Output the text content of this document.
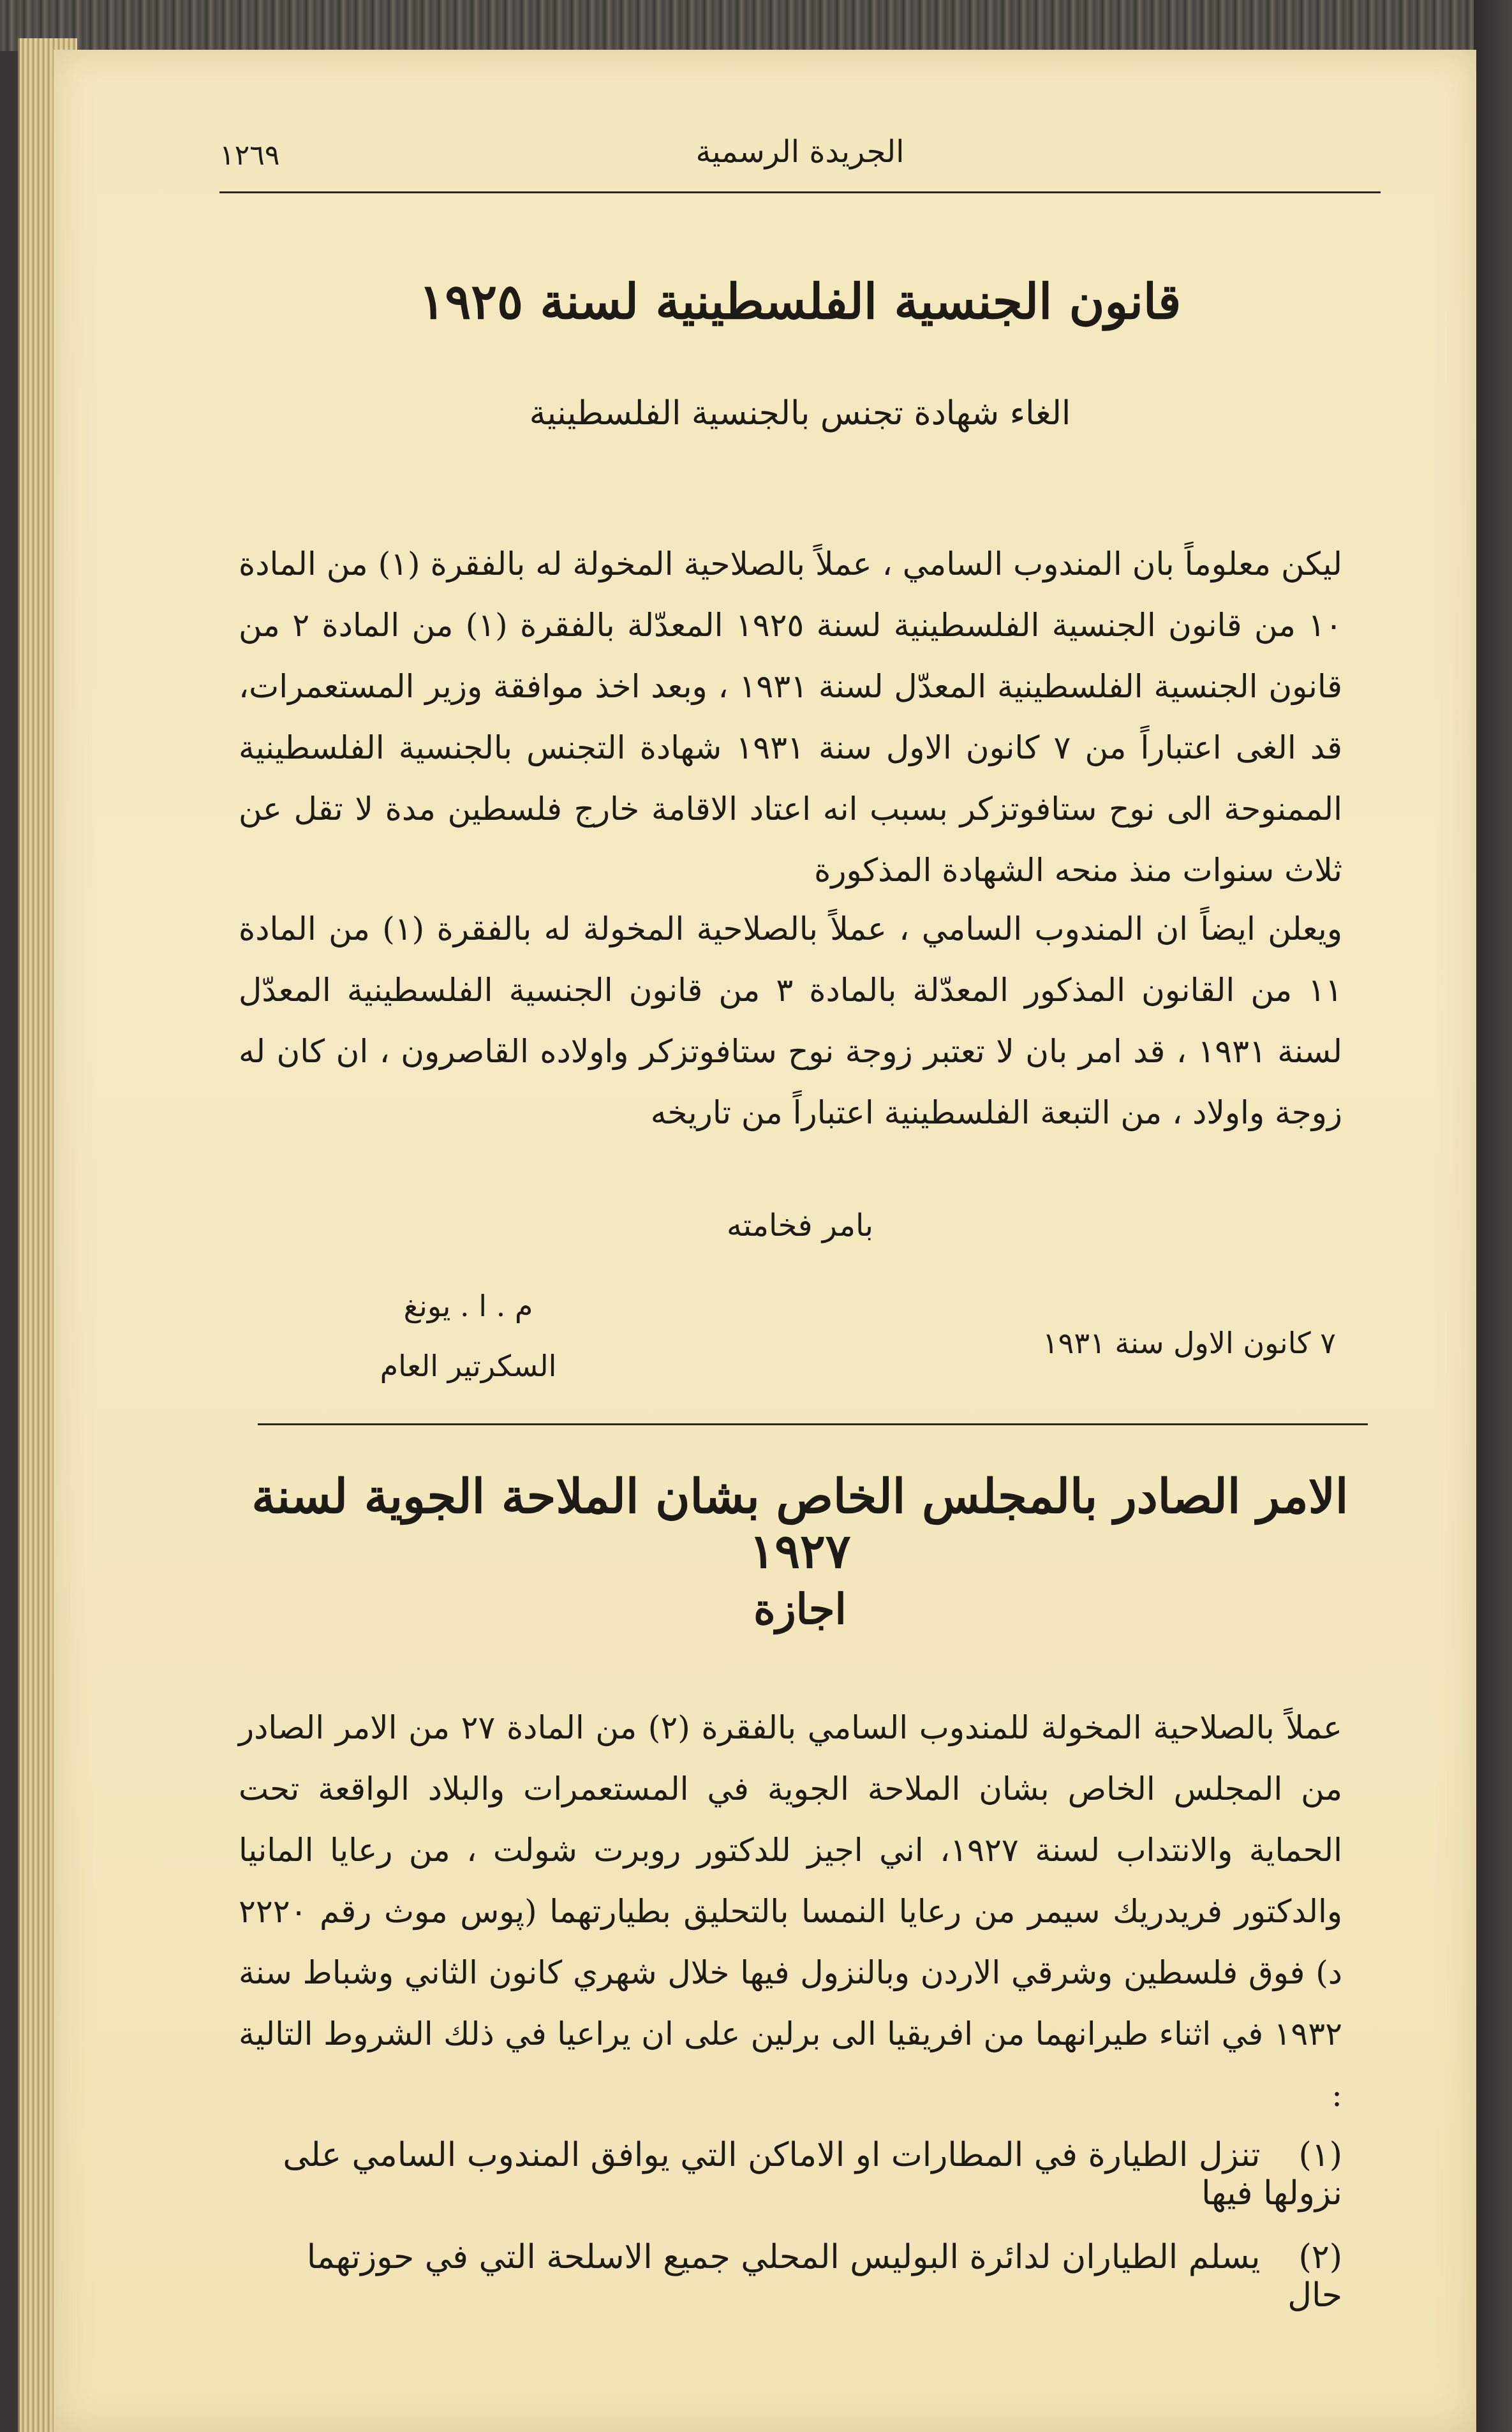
١٢٦٩	الجريدة الرسمية
قانون الجنسية الفلسطينية لسنة ١٩٢٥
الغاء شهادة تجنس بالجنسية الفلسطينية
ليكن معلوماً بان المندوب السامي ، عملاً بالصلاحية المخولة له بالفقرة (١) من المادة ١٠ من قانون الجنسية الفلسطينية لسنة ١٩٢٥ المعدّلة بالفقرة (١) من المادة ٢ من قانون الجنسية الفلسطينية المعدّل لسنة ١٩٣١ ، وبعد اخذ موافقة وزير المستعمرات، قد الغى اعتباراً من ٧ كانون الاول سنة ١٩٣١ شهادة التجنس بالجنسية الفلسطينية الممنوحة الى نوح ستافوتزكر بسبب انه اعتاد الاقامة خارج فلسطين مدة لا تقل عن ثلاث سنوات منذ منحه الشهادة المذكورة
ويعلن ايضاً ان المندوب السامي ، عملاً بالصلاحية المخولة له بالفقرة (١) من المادة ١١ من القانون المذكور المعدّلة بالمادة ٣ من قانون الجنسية الفلسطينية المعدّل لسنة ١٩٣١ ، قد امر بان لا تعتبر زوجة نوح ستافوتزكر واولاده القاصرون ، ان كان له زوجة واولاد ، من التبعة الفلسطينية اعتباراً من تاريخه
بامر فخامته
م . ا . يونغ
السكرتير العام
٧ كانون الاول سنة ١٩٣١
الامر الصادر بالمجلس الخاص بشان الملاحة الجوية لسنة ١٩٢٧
اجازة
عملاً بالصلاحية المخولة للمندوب السامي بالفقرة (٢) من المادة ٢٧ من الامر الصادر من المجلس الخاص بشان الملاحة الجوية في المستعمرات والبلاد الواقعة تحت الحماية والانتداب لسنة ١٩٢٧، اني اجيز للدكتور روبرت شولت ، من رعايا المانيا والدكتور فريدريك سيمر من رعايا النمسا بالتحليق بطيارتهما (پوس موث رقم ٢٢٢٠ د) فوق فلسطين وشرقي الاردن وبالنزول فيها خلال شهري كانون الثاني وشباط سنة ١٩٣٢ في اثناء طيرانهما من افريقيا الى برلين على ان يراعيا في ذلك الشروط التالية :
(١)تنزل الطيارة في المطارات او الاماكن التي يوافق المندوب السامي على نزولها فيها
(٢)يسلم الطياران لدائرة البوليس المحلي جميع الاسلحة التي في حوزتهما حال
